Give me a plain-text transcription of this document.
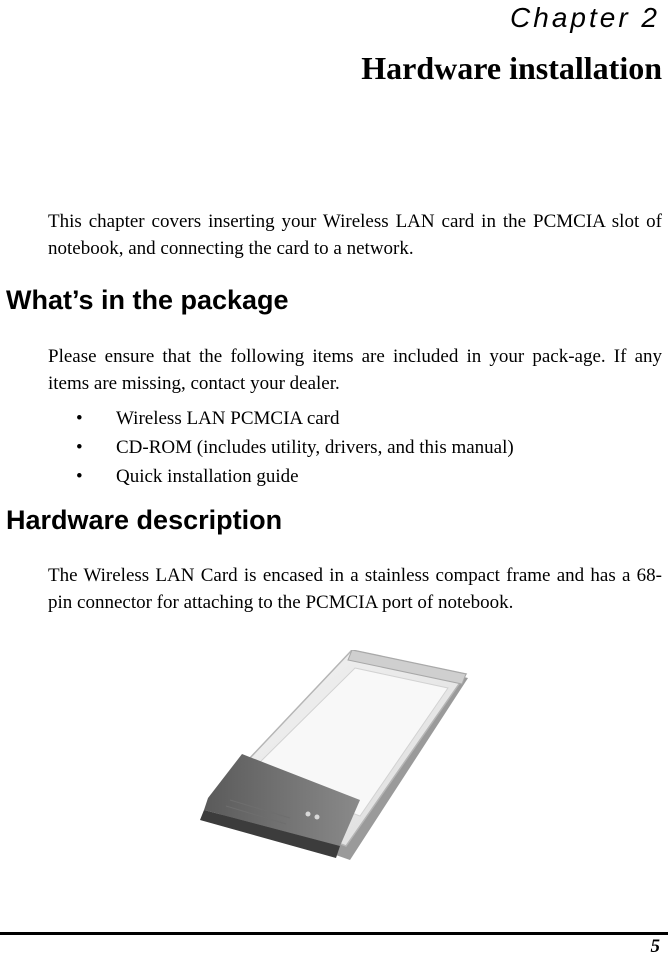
Chapter 2
Hardware installation

This chapter covers inserting your Wireless LAN card in the PCMCIA slot of notebook, and connecting the card to a network.

What’s in the package

Please ensure that the following items are included in your pack-age. If any items are missing, contact your dealer.

•	Wireless LAN PCMCIA card
•	CD-ROM (includes utility, drivers, and this manual)
•	Quick installation guide
Hardware description

The Wireless LAN Card is encased in a stainless compact frame and has a 68-pin connector for attaching to the PCMCIA port of notebook.

5
